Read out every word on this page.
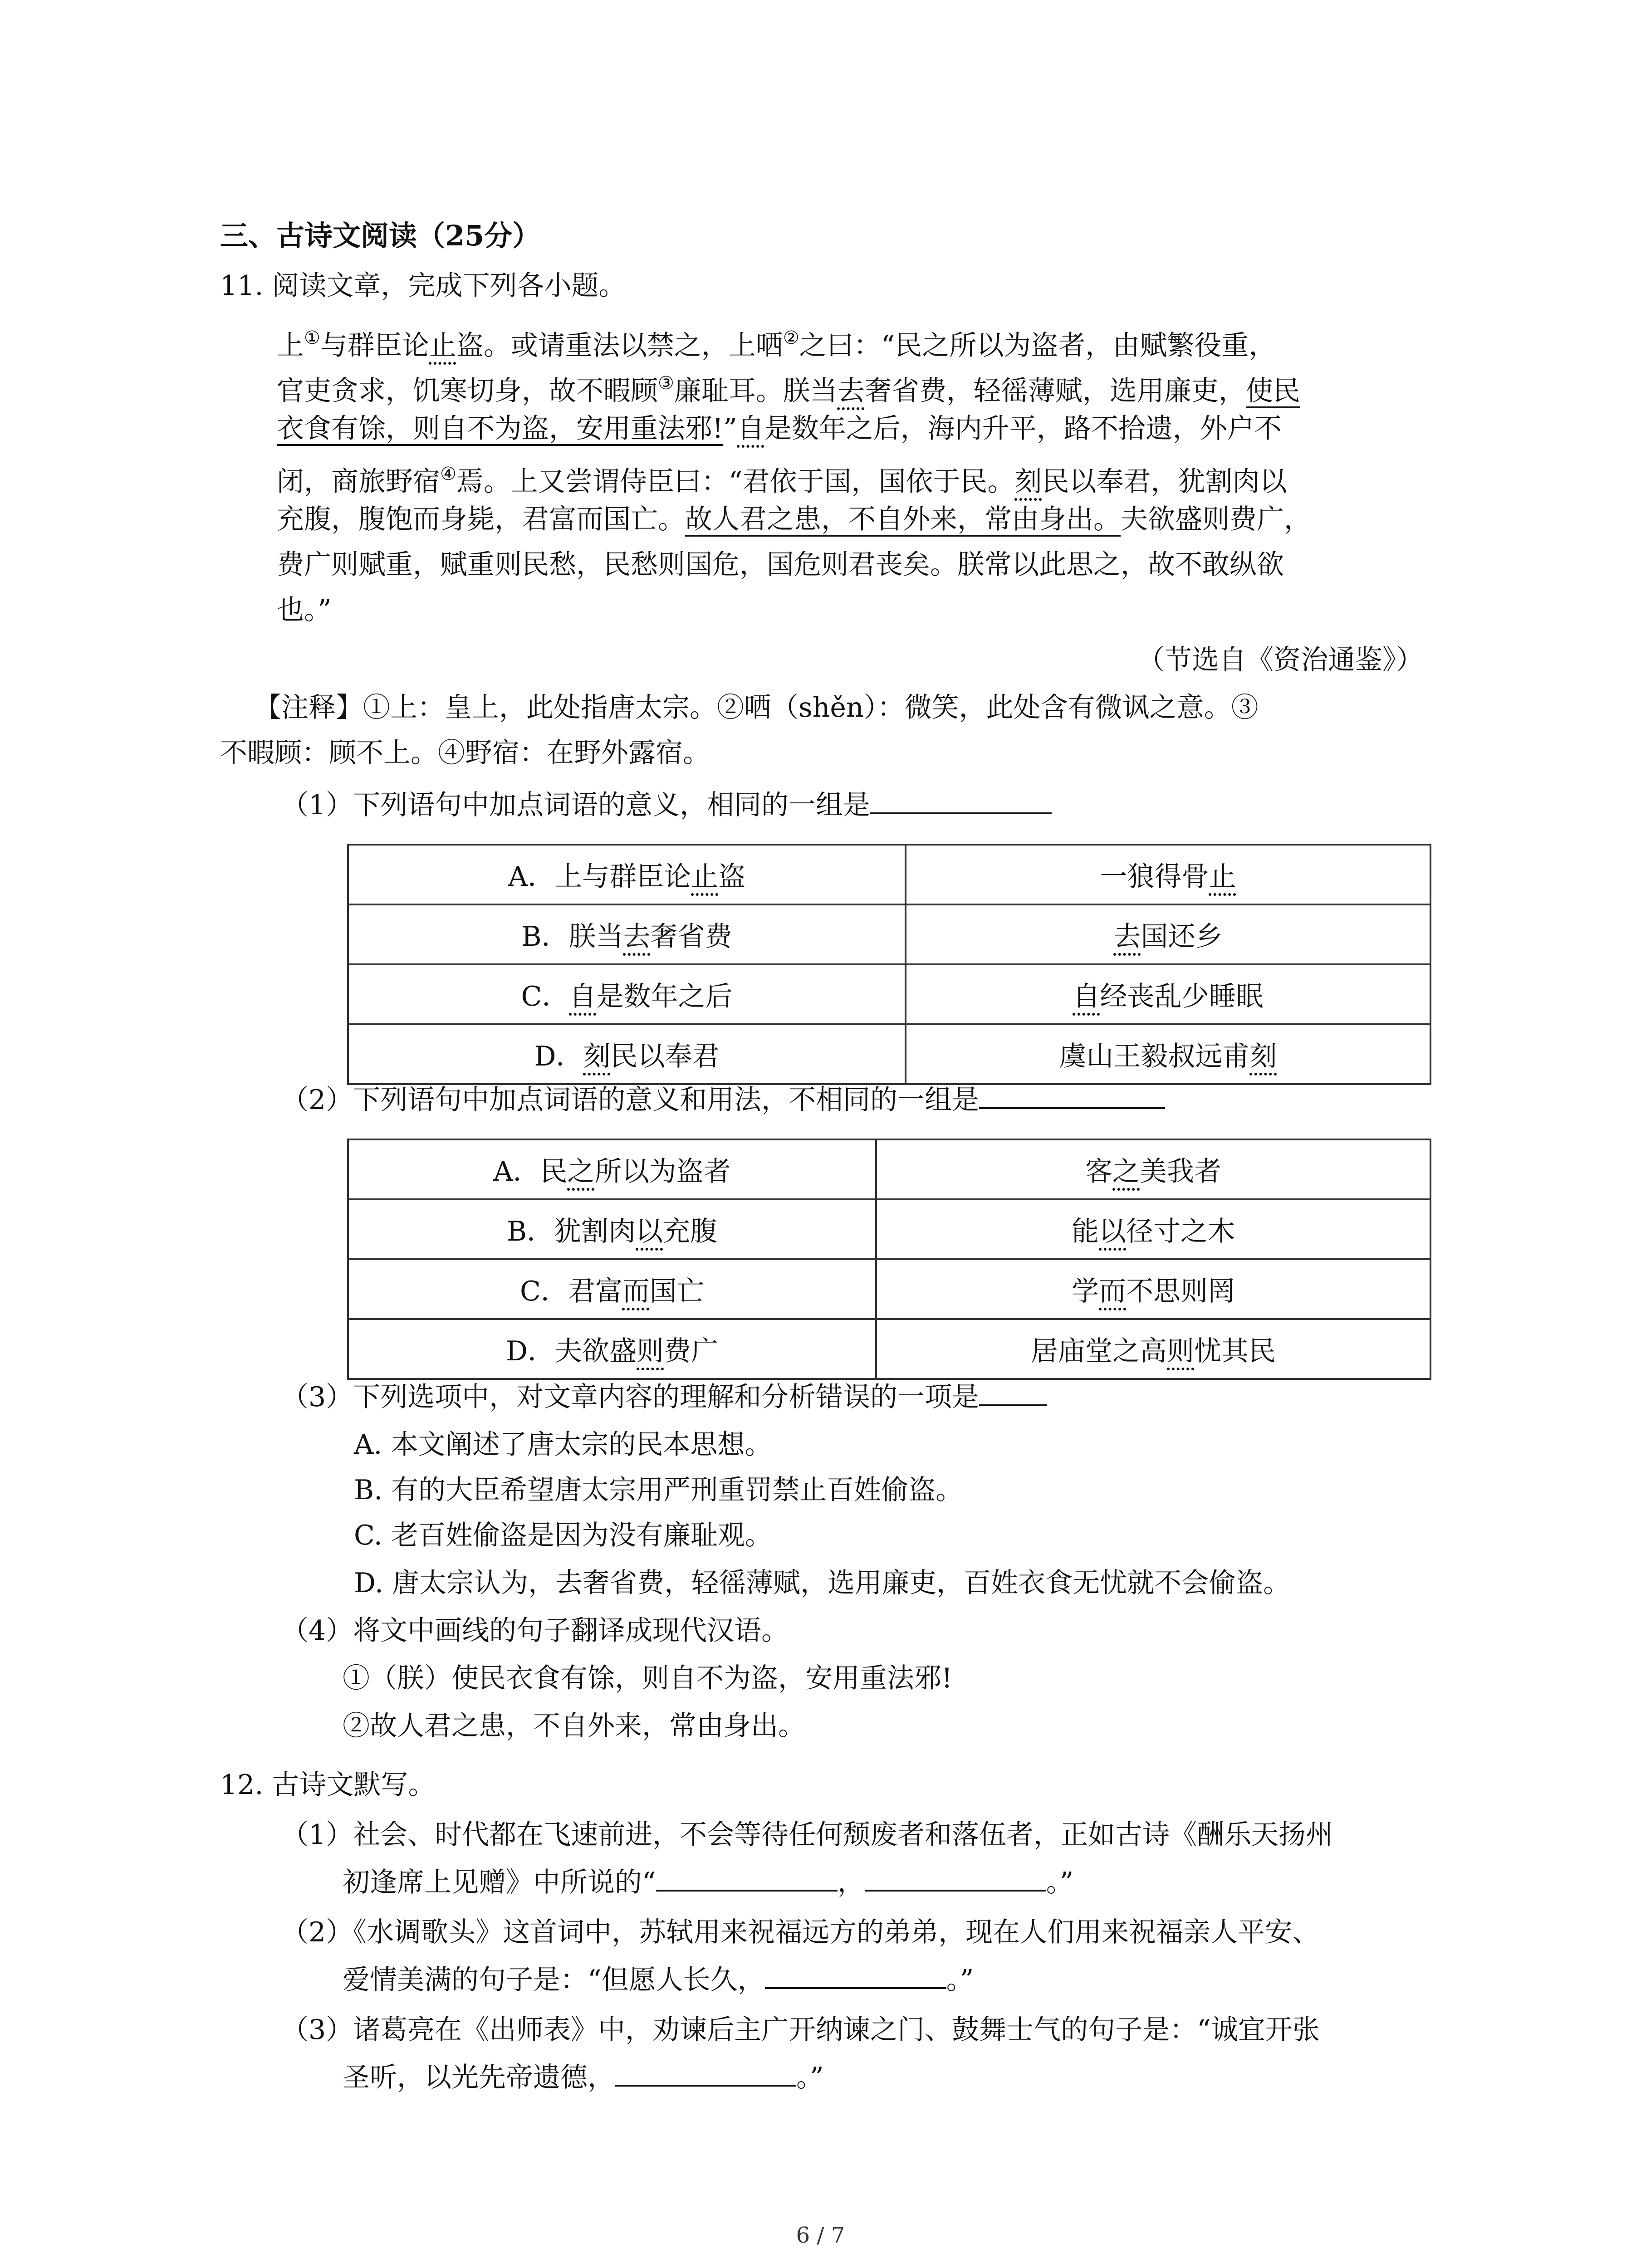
三、古诗文阅读（25分）
11. 阅读文章，完成下列各小题。
上①与群臣论止盗。或请重法以禁之，上哂②之曰：“民之所以为盗者，由赋繁役重，
官吏贪求，饥寒切身，故不暇顾③廉耻耳。朕当去奢省费，轻徭薄赋，选用廉吏，使民
衣食有馀，则自不为盗，安用重法邪!”自是数年之后，海内升平，路不拾遗，外户不
闭，商旅野宿④焉。上又尝谓侍臣曰：“君依于国，国依于民。刻民以奉君，犹割肉以
充腹，腹饱而身毙，君富而国亡。故人君之患，不自外来，常由身出。夫欲盛则费广，
费广则赋重，赋重则民愁，民愁则国危，国危则君丧矣。朕常以此思之，故不敢纵欲
也。”
（节选自《资治通鉴》）
【注释】①上：皇上，此处指唐太宗。②哂（shěn）：微笑，此处含有微讽之意。③
不暇顾：顾不上。④野宿：在野外露宿。
（1）下列语句中加点词语的意义，相同的一组是
A．上与群臣论止盗	一狼得骨止
B．朕当去奢省费	去国还乡
C．自是数年之后	自经丧乱少睡眠
D．刻民以奉君	虞山王毅叔远甫刻
（2）下列语句中加点词语的意义和用法，不相同的一组是
A．民之所以为盗者	客之美我者
B．犹割肉以充腹	能以径寸之木
C．君富而国亡	学而不思则罔
D．夫欲盛则费广	居庙堂之高则忧其民
（3）下列选项中，对文章内容的理解和分析错误的一项是
A. 本文阐述了唐太宗的民本思想。
B. 有的大臣希望唐太宗用严刑重罚禁止百姓偷盗。
C. 老百姓偷盗是因为没有廉耻观。
D. 唐太宗认为，去奢省费，轻徭薄赋，选用廉吏，百姓衣食无忧就不会偷盗。
（4）将文中画线的句子翻译成现代汉语。
①（朕）使民衣食有馀，则自不为盗，安用重法邪!
②故人君之患，不自外来，常由身出。
12. 古诗文默写。
（1）社会、时代都在飞速前进，不会等待任何颓废者和落伍者，正如古诗《酬乐天扬州
初逢席上见赠》中所说的“	，	。”
（2）《水调歌头》这首词中，苏轼用来祝福远方的弟弟，现在人们用来祝福亲人平安、
爱情美满的句子是：“但愿人长久，	。”
（3）诸葛亮在《出师表》中，劝谏后主广开纳谏之门、鼓舞士气的句子是：“诚宜开张
圣听，以光先帝遗德，	。”
6 / 7
